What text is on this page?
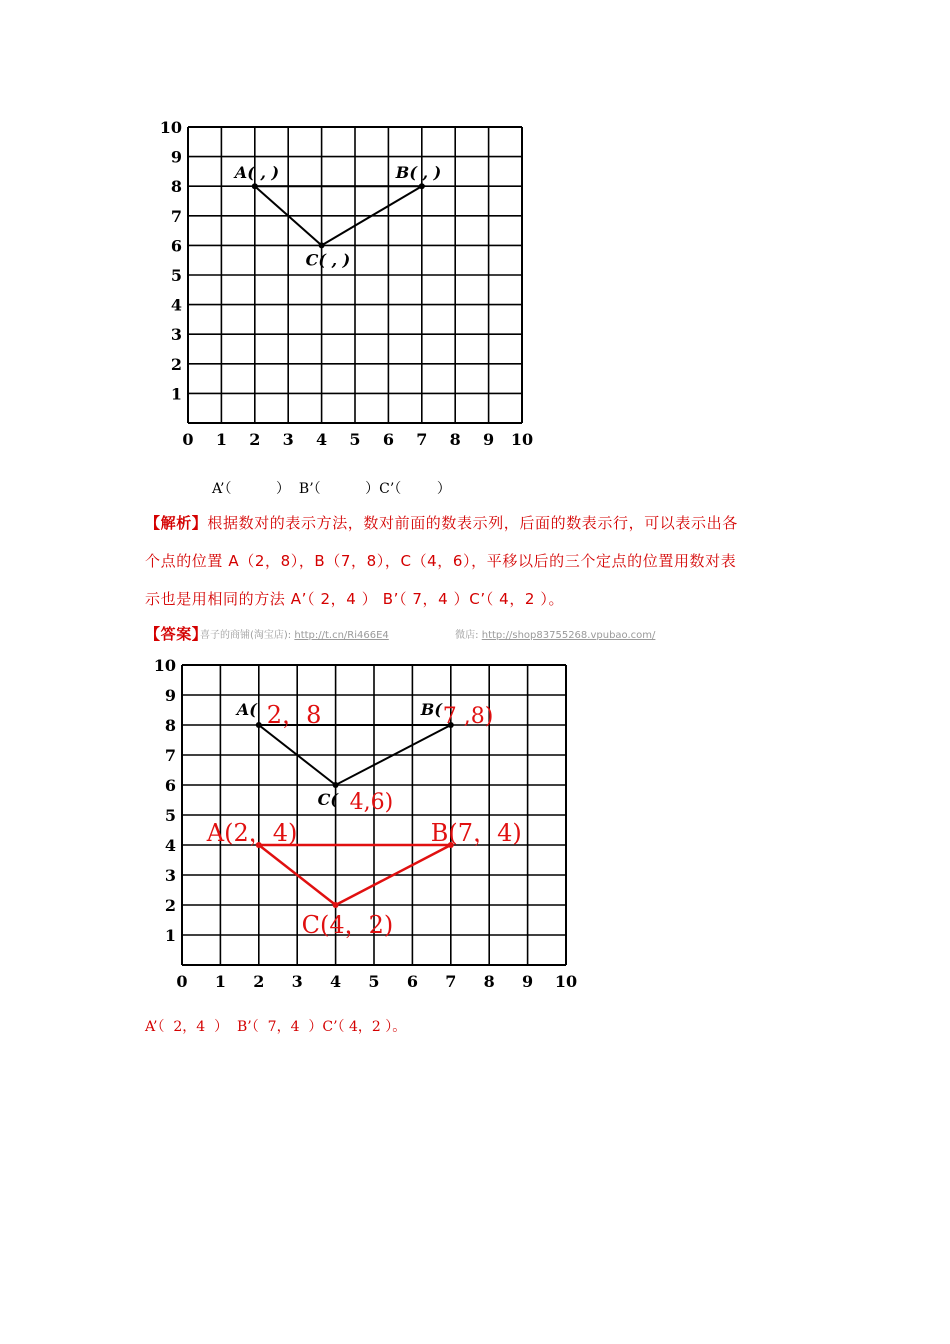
0 1 2 3 4 5 6 7 8 9 10
1
2
3
4
5
6
7
8
9
10
A( , )	B( , )
C( , )
A’（          ）  B’（          ）C’（        ）
【解析】根据数对的表示方法，数对前面的数表示列，后面的数表示行，可以表示出各
个点的位置 A（2，8），B（7，8），C（4，6），平移以后的三个定点的位置用数对表
示也是用相同的方法 A’（ 2，4 ） B’（ 7，4 ）C’（ 4，2 ）。
【答案】
喜子的商铺(淘宝店): http://t.cn/Ri466E4	微店: http://shop83755268.vpubao.com/
0 1 2 3 4 5 6 7 8 9 10
1
2
3
4
5
6
7
8
9
10
A( 2，8	B( 7 ,8)
C( 4,6)
A(2，4)	B(7，4)
C(4，2)
A’（  2，4  ）  B’（  7，4  ）C’（ 4，2 ）。
